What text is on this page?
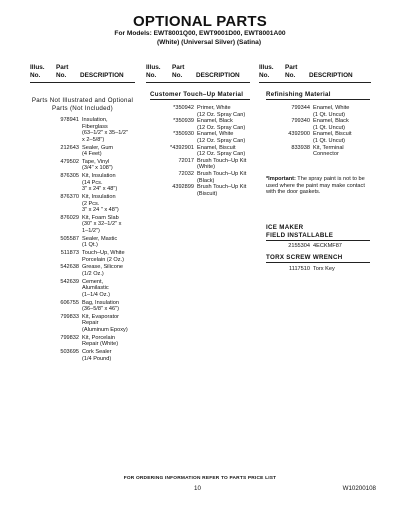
OPTIONAL PARTS
For Models: EWT8001Q00, EWT9001D00, EWT8001A00
(White) (Universal Silver) (Satina)
Illus.	Part
No.	No.	DESCRIPTION
Illus.	Part
No.	No.	DESCRIPTION
Illus.	Part
No.	No.	DESCRIPTION
Parts Not Illustrated and Optional Parts (Not Included)
978941 Insulation,
Fiberglass
(63–1/2" x 35–1/2"
x 2–5/8")
212643 Sealer, Gum
(4 Feet)
479502 Tape, Vinyl
(3/4" x 108")
876305 Kit, Insulation
(14 Pcs.
3" x 24" x 48")
876370 Kit, Insulation
(2 Pcs.
3" x 24 " x 48")
876029 Kit, Foam Slab
(30" x 32–1/2" x
1–1/2")
505587 Sealer, Mastic
(1 Qt.)
511873 Touch–Up, White
Porcelain (2 Oz.)
542638 Grease, Silicone
(1/2 Oz.)
542639 Cement,
Alumilastic
(1–1/4 Oz.)
606755 Bag, Insulation
(36–5/8" x 46")
799833 Kit, Evaporator
Repair
(Aluminum Epoxy)
799832 Kit, Porcelain
Repair (White)
503695 Cork Sealer
(1/4 Pound)
Customer Touch–Up Material
*350942 Primer, White
(12 Oz. Spray Can)
*350939 Enamel, Black
(12 Oz. Spray Can)
*350930 Enamel, White
(12 Oz. Spray Can)
*4392901 Enamel, Biscuit
(12 Oz. Spray Can)
72017 Brush Touch–Up Kit
(White)
72032 Brush Touch–Up Kit
(Black)
4392899 Brush Touch–Up Kit
(Biscuit)
Refinishing Material
799344 Enamel, White
(1 Qt. Uncut)
799340 Enamel, Black
(1 Qt. Uncut)
4392900 Enamel, Biscuit
(1 Qt. Uncut)
833938 Kit, Terminal
Connector
*Important: The spray paint is not to be used where the paint may make contact with the door gaskets.
ICE MAKER
FIELD INSTALLABLE
2155304 4ECKMF87
TORX SCREW WRENCH
1117510 Torx Key
FOR ORDERING INFORMATION REFER TO PARTS PRICE LIST
10	W10200108
